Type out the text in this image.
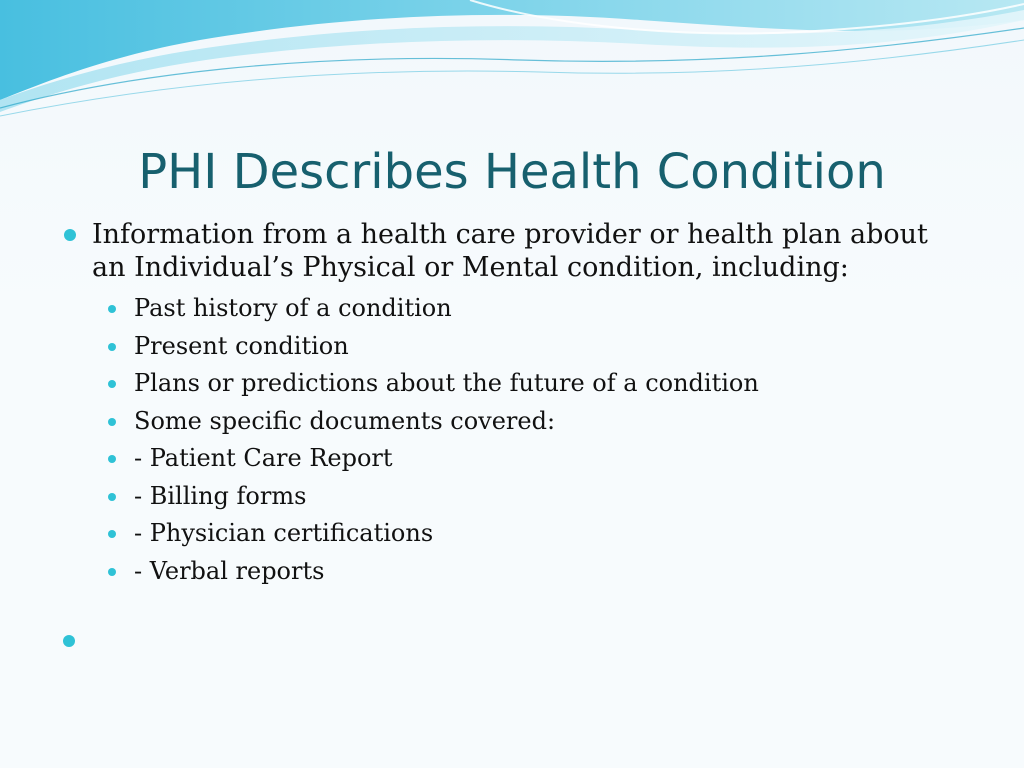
PHI Describes Health Condition

Information from a health care provider or health plan about an Individual’s Physical or Mental condition, including:

Past history of a condition
Present condition
Plans or predictions about the future of a condition
Some specific documents covered:
- Patient Care Report
- Billing forms
- Physician certifications
- Verbal reports
